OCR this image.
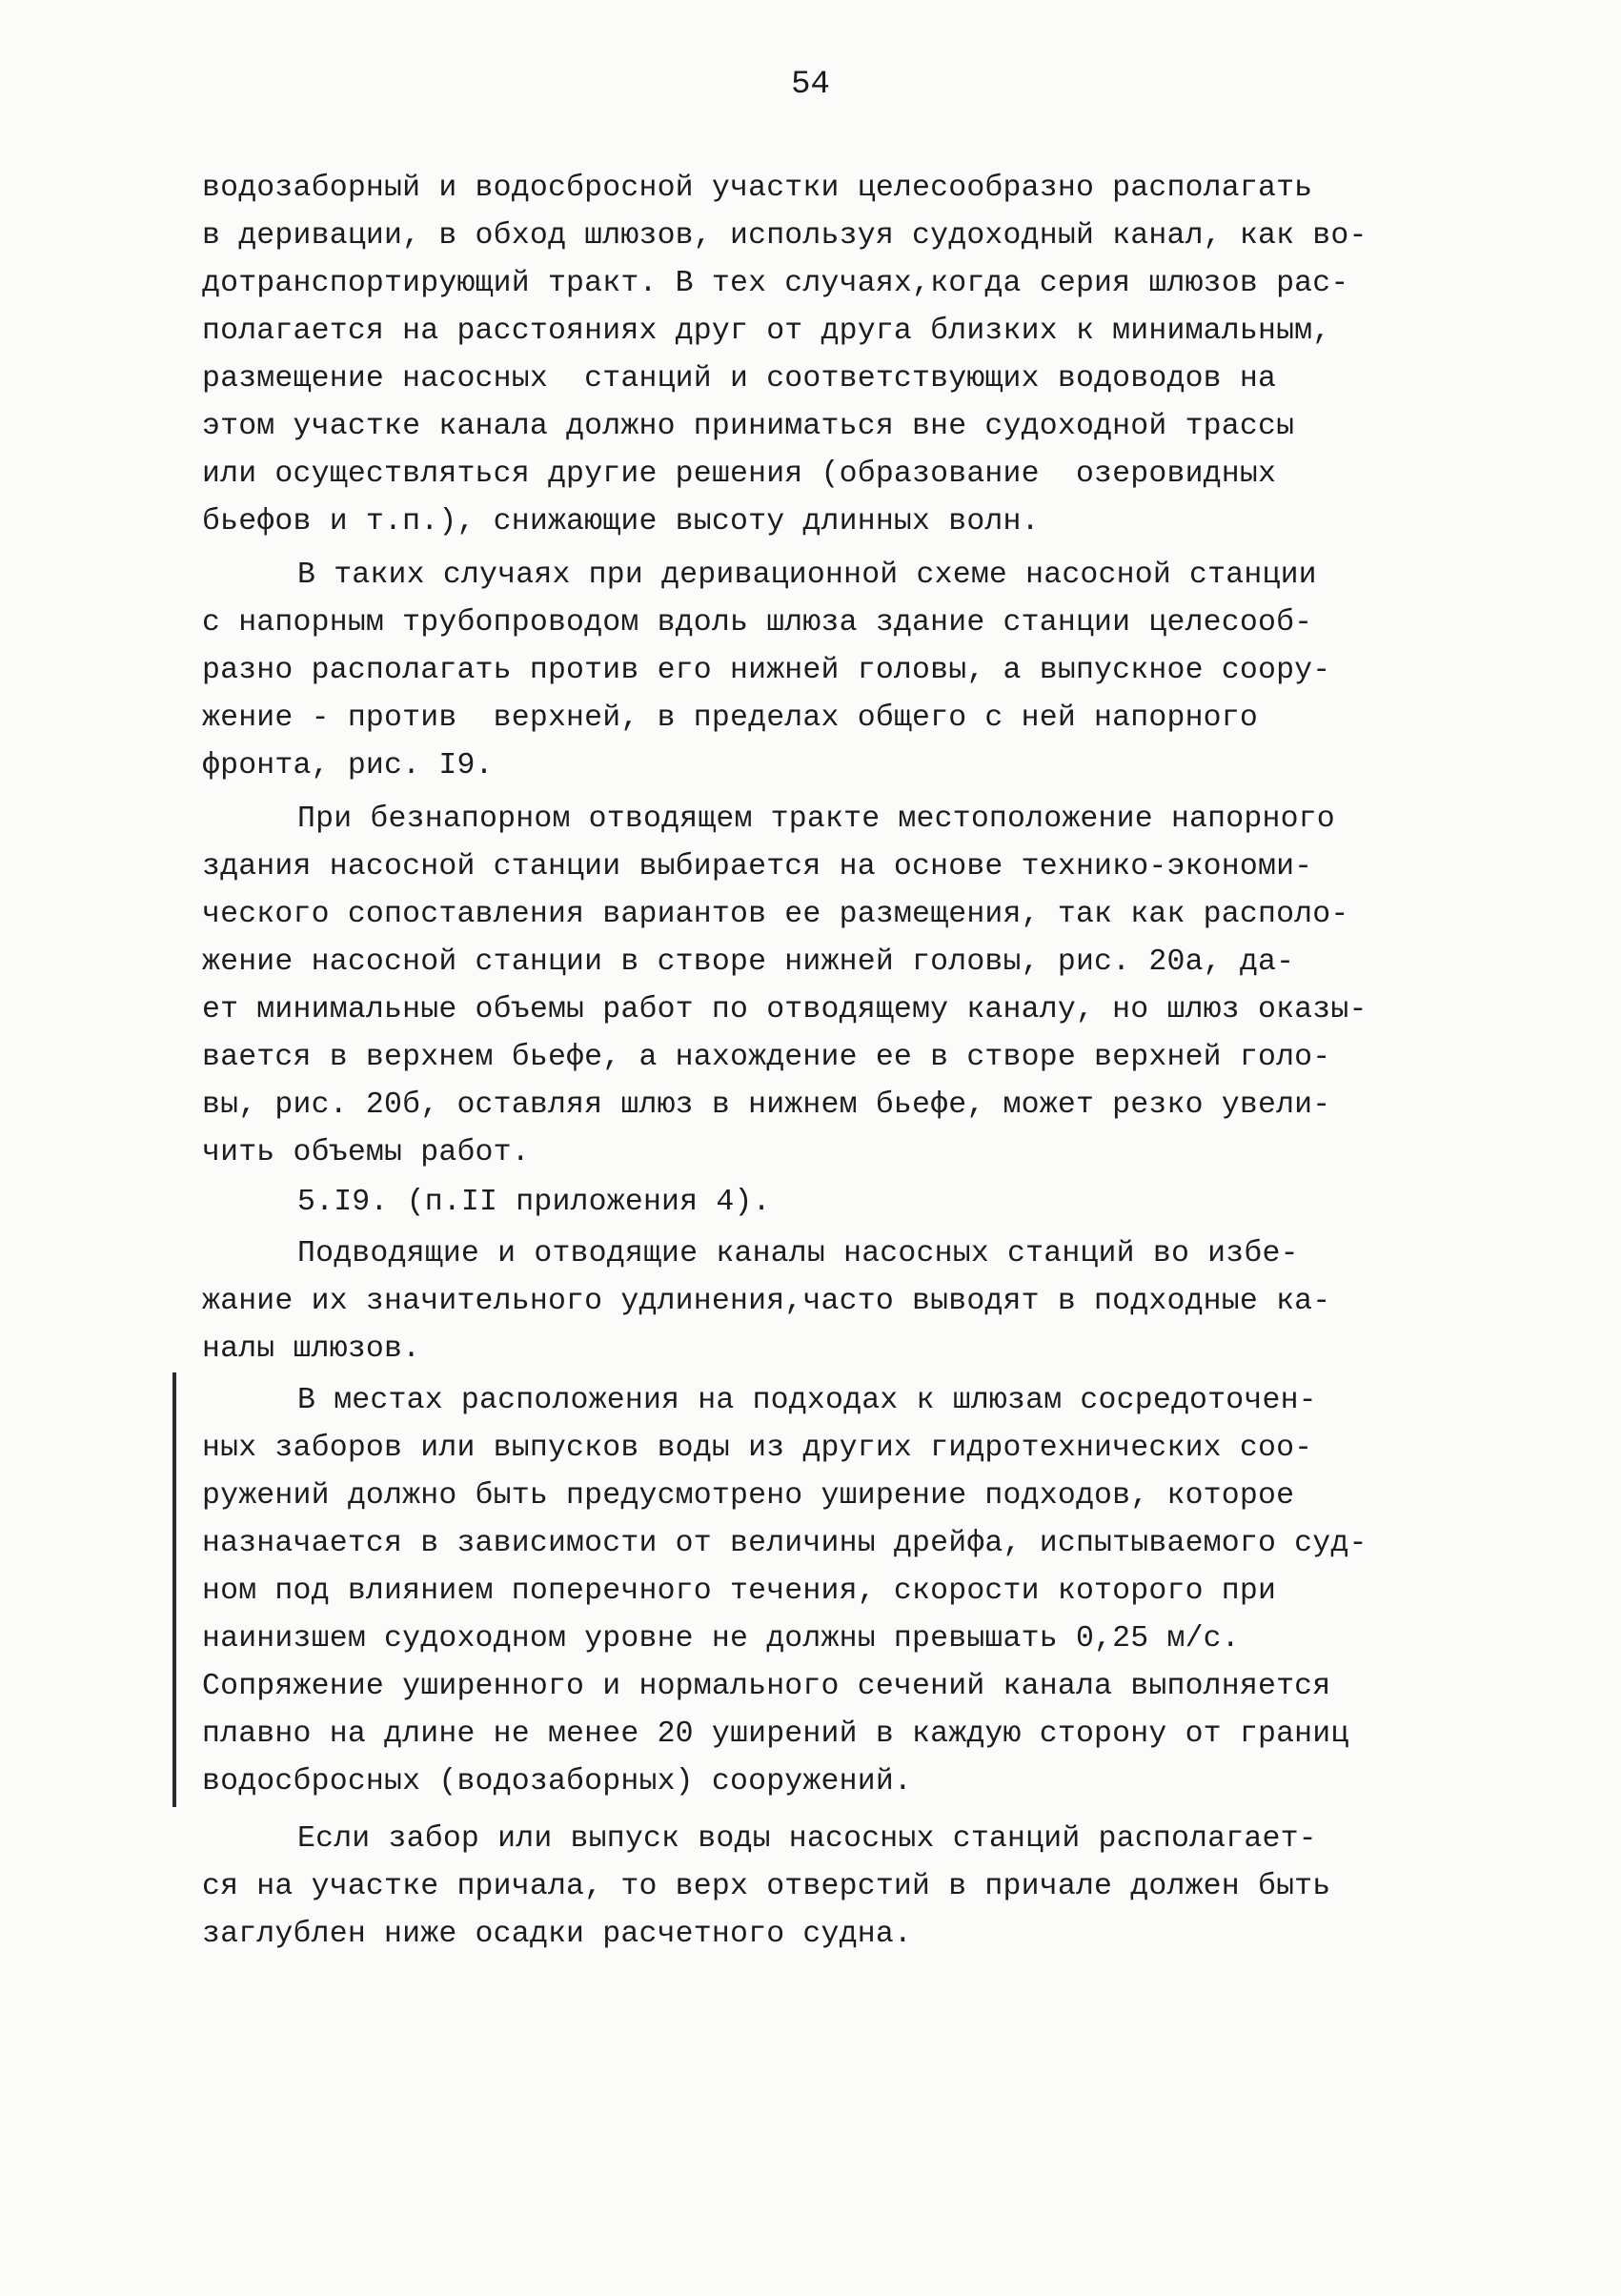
54
водозаборный и водосбросной участки целесообразно располагать
в деривации, в обход шлюзов, используя судоходный канал, как во-
дотранспортирующий тракт. В тех случаях,когда серия шлюзов рас-
полагается на расстояниях друг от друга близких к минимальным,
размещение насосных  станций и соответствующих водоводов на
этом участке канала должно приниматься вне судоходной трассы
или осуществляться другие решения (образование  озеровидных
бьефов и т.п.), снижающие высоту длинных волн.
В таких случаях при деривационной схеме насосной станции
с напорным трубопроводом вдоль шлюза здание станции целесооб-
разно располагать против его нижней головы, а выпускное соору-
жение - против  верхней, в пределах общего с ней напорного
фронта, рис. I9.
При безнапорном отводящем тракте местоположение напорного
здания насосной станции выбирается на основе технико-экономи-
ческого сопоставления вариантов ее размещения, так как располо-
жение насосной станции в створе нижней головы, рис. 20а, да-
ет минимальные объемы работ по отводящему каналу, но шлюз оказы-
вается в верхнем бьефе, а нахождение ее в створе верхней голо-
вы, рис. 20б, оставляя шлюз в нижнем бьефе, может резко увели-
чить объемы работ.
5.I9. (п.II приложения 4).
Подводящие и отводящие каналы насосных станций во избе-
жание их значительного удлинения,часто выводят в подходные ка-
налы шлюзов.
В местах расположения на подходах к шлюзам сосредоточен-
ных заборов или выпусков воды из других гидротехнических соо-
ружений должно быть предусмотрено уширение подходов, которое
назначается в зависимости от величины дрейфа, испытываемого суд-
ном под влиянием поперечного течения, скорости которого при
наинизшем судоходном уровне не должны превышать 0,25 м/с.
Сопряжение уширенного и нормального сечений канала выполняется
плавно на длине не менее 20 уширений в каждую сторону от границ
водосбросных (водозаборных) сооружений.
Если забор или выпуск воды насосных станций располагает-
ся на участке причала, то верх отверстий в причале должен быть
заглублен ниже осадки расчетного судна.
